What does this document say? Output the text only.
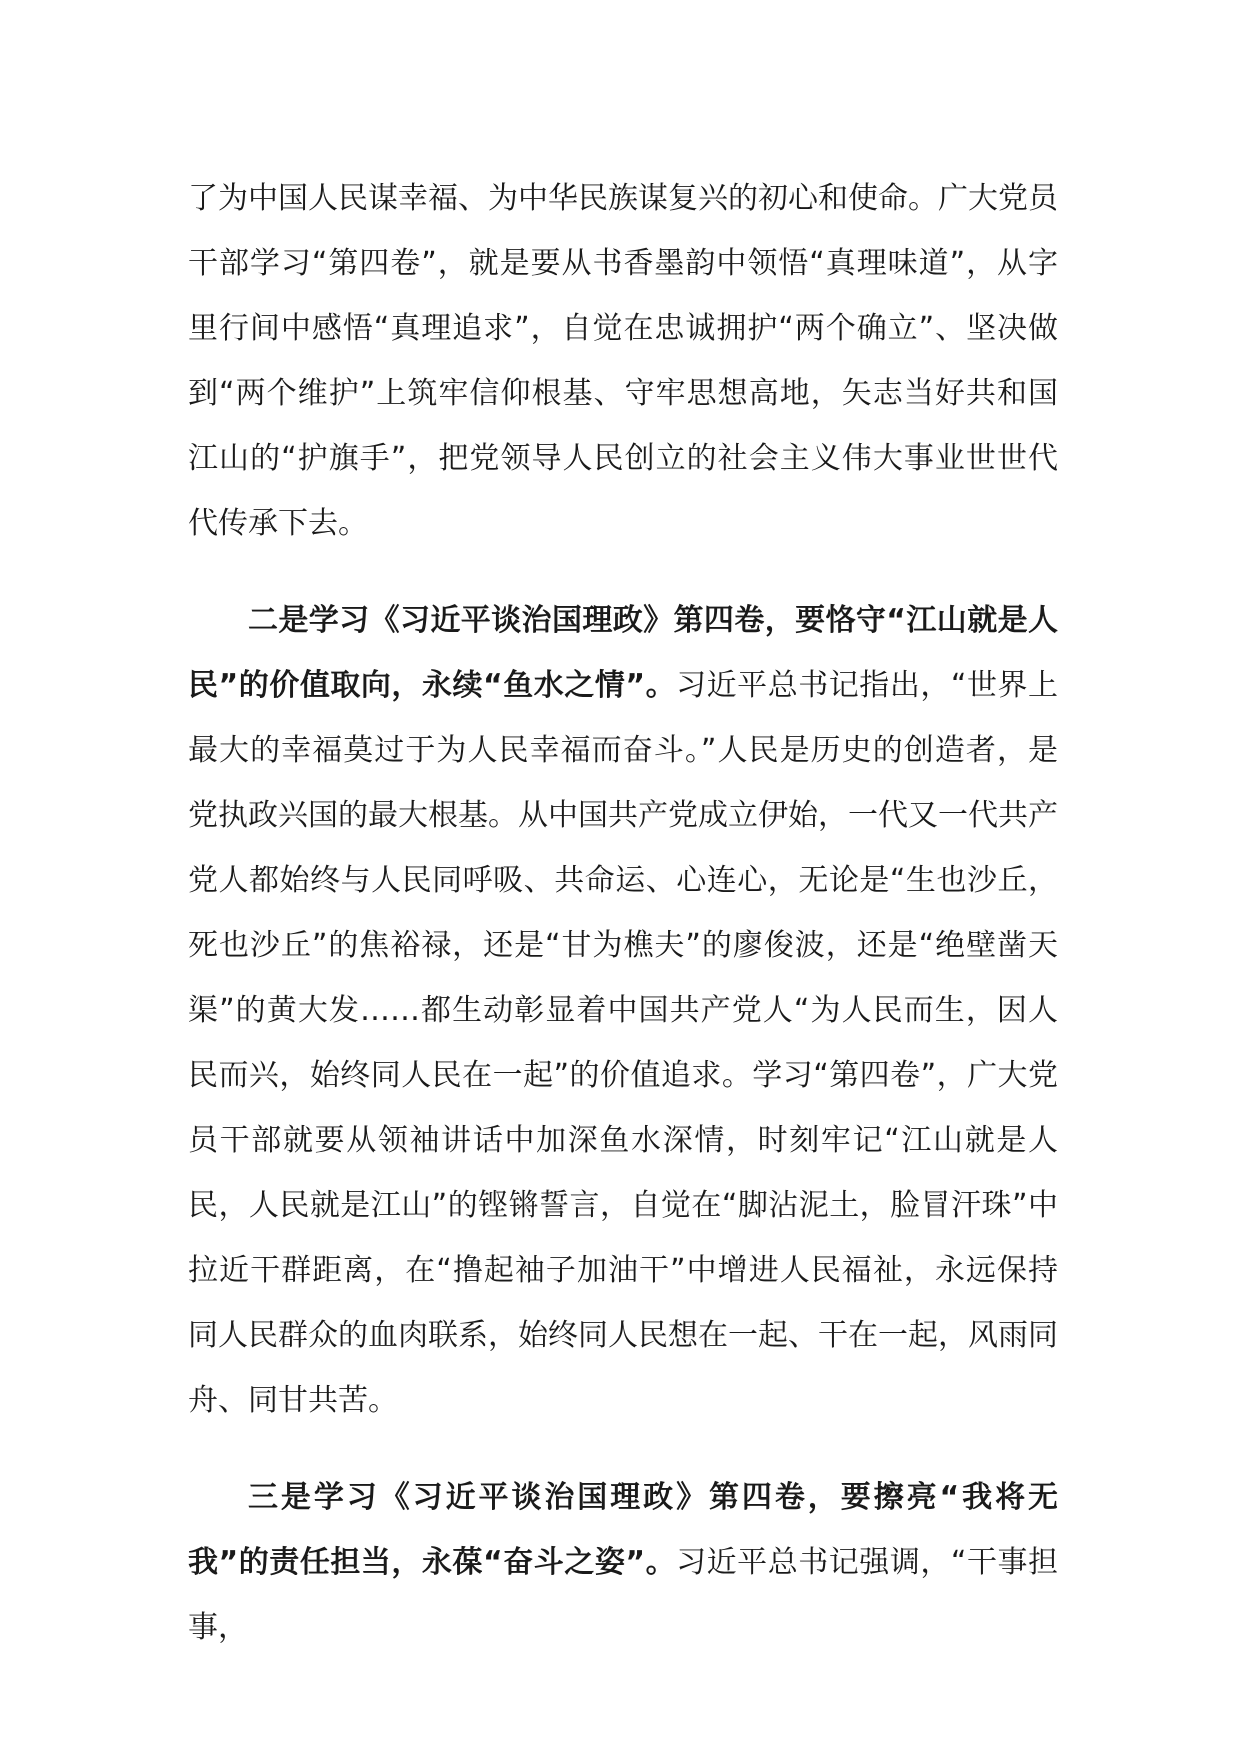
了为中国人民谋幸福、为中华民族谋复兴的初心和使命。广大党员干部学习“第四卷”，就是要从书香墨韵中领悟“真理味道”，从字里行间中感悟“真理追求”，自觉在忠诚拥护“两个确立”、坚决做到“两个维护”上筑牢信仰根基、守牢思想高地，矢志当好共和国江山的“护旗手”，把党领导人民创立的社会主义伟大事业世世代代传承下去。

二是学习《习近平谈治国理政》第四卷，要恪守“江山就是人民”的价值取向，永续“鱼水之情”。习近平总书记指出，“世界上最大的幸福莫过于为人民幸福而奋斗。”人民是历史的创造者，是党执政兴国的最大根基。从中国共产党成立伊始，一代又一代共产党人都始终与人民同呼吸、共命运、心连心，无论是“生也沙丘，死也沙丘”的焦裕禄，还是“甘为樵夫”的廖俊波，还是“绝壁凿天渠”的黄大发……都生动彰显着中国共产党人“为人民而生，因人民而兴，始终同人民在一起”的价值追求。学习“第四卷”，广大党员干部就要从领袖讲话中加深鱼水深情，时刻牢记“江山就是人民，人民就是江山”的铿锵誓言，自觉在“脚沾泥土，脸冒汗珠”中拉近干群距离，在“撸起袖子加油干”中增进人民福祉，永远保持同人民群众的血肉联系，始终同人民想在一起、干在一起，风雨同舟、同甘共苦。

三是学习《习近平谈治国理政》第四卷，要擦亮“我将无我”的责任担当，永葆“奋斗之姿”。习近平总书记强调，“干事担事，
